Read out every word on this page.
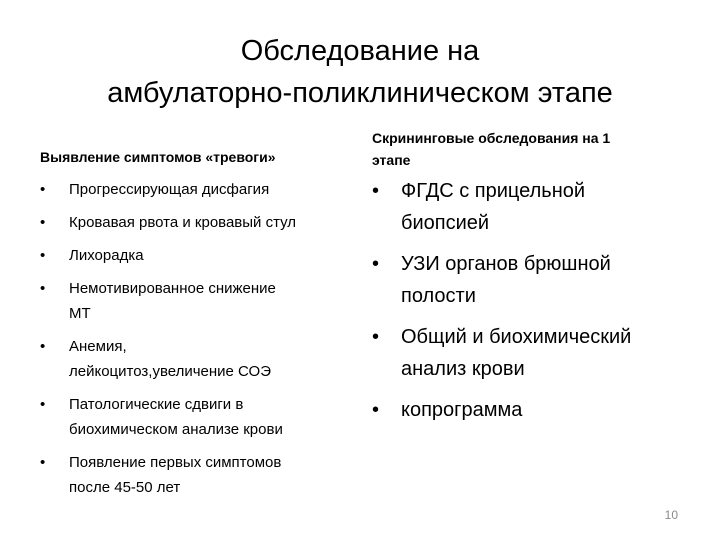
Обследование на
амбулаторно-поликлиническом этапе

Выявление симптомов «тревоги»

• Прогрессирующая дисфагия
• Кровавая рвота и кровавый стул
• Лихорадка
• Немотивированное снижение
МТ
• Анемия,
лейкоцитоз,увеличение СОЭ
• Патологические сдвиги в
биохимическом анализе крови
• Появление первых симптомов
после 45-50 лет

Скрининговые обследования на 1
этапе

• ФГДС с прицельной
биопсией
• УЗИ органов брюшной
полости
• Общий и биохимический
анализ крови
• копрограмма
10
